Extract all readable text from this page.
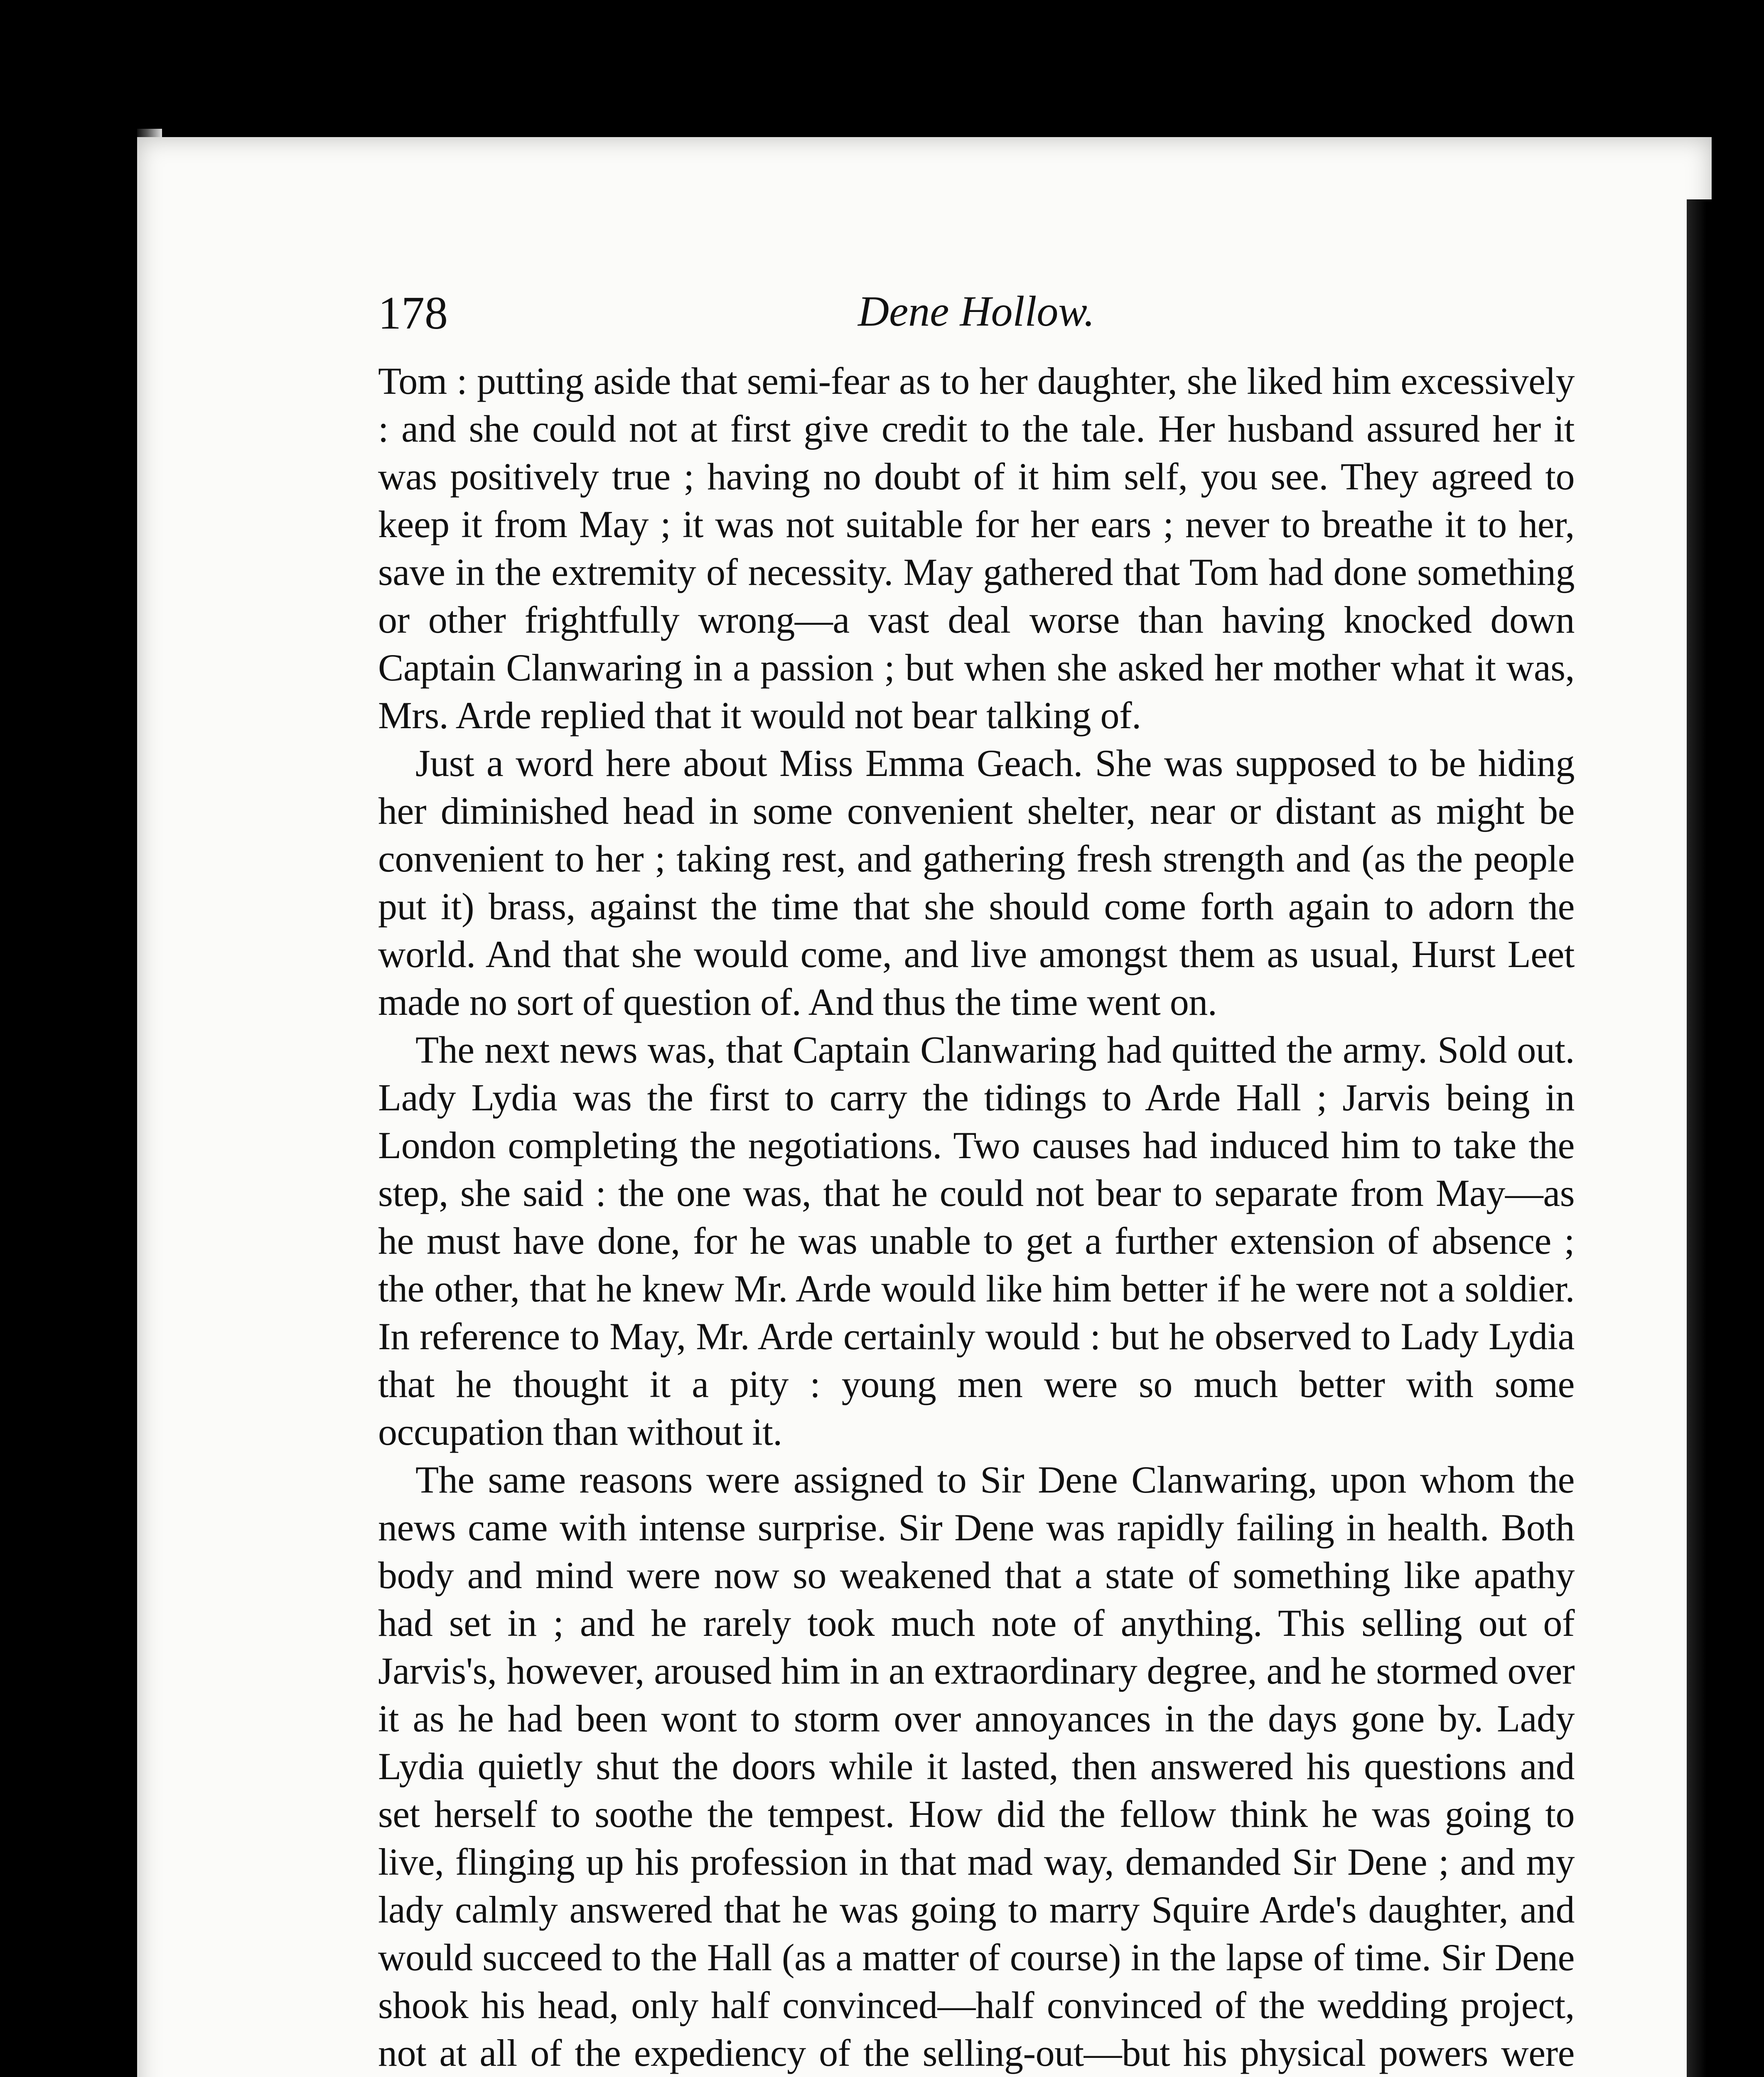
178	Dene Hollow.

Tom : putting aside that semi-fear as to her daughter, she liked him excessively : and she could not at first give credit to the tale. Her husband assured her it was positively true ; having no doubt of it him self, you see. They agreed to keep it from May ; it was not suitable for her ears ; never to breathe it to her, save in the extremity of necessity. May gathered that Tom had done something or other frightfully wrong—a vast deal worse than having knocked down Captain Clanwaring in a passion ; but when she asked her mother what it was, Mrs. Arde replied that it would not bear talking of.

Just a word here about Miss Emma Geach. She was supposed to be hiding her diminished head in some convenient shelter, near or distant as might be convenient to her ; taking rest, and gathering fresh strength and (as the people put it) brass, against the time that she should come forth again to adorn the world. And that she would come, and live amongst them as usual, Hurst Leet made no sort of question of. And thus the time went on.

The next news was, that Captain Clanwaring had quitted the army. Sold out. Lady Lydia was the first to carry the tidings to Arde Hall ; Jarvis being in London completing the negotiations. Two causes had induced him to take the step, she said : the one was, that he could not bear to separate from May—as he must have done, for he was unable to get a further extension of absence ; the other, that he knew Mr. Arde would like him better if he were not a soldier. In reference to May, Mr. Arde certainly would : but he observed to Lady Lydia that he thought it a pity : young men were so much better with some occupation than without it.

The same reasons were assigned to Sir Dene Clanwaring, upon whom the news came with intense surprise. Sir Dene was rapidly failing in health. Both body and mind were now so weakened that a state of something like apathy had set in ; and he rarely took much note of anything. This selling out of Jarvis's, however, aroused him in an extraordinary degree, and he stormed over it as he had been wont to storm over annoyances in the days gone by. Lady Lydia quietly shut the doors while it lasted, then answered his questions and set herself to soothe the tempest. How did the fellow think he was going to live, flinging up his profession in that mad way, demanded Sir Dene ; and my lady calmly answered that he was going to marry Squire Arde's daughter, and would succeed to the Hall (as a matter of course) in the lapse of time. Sir Dene shook his head, only half convinced—half convinced of the wedding project, not at all of the expediency of the selling-out—but his physical powers were
